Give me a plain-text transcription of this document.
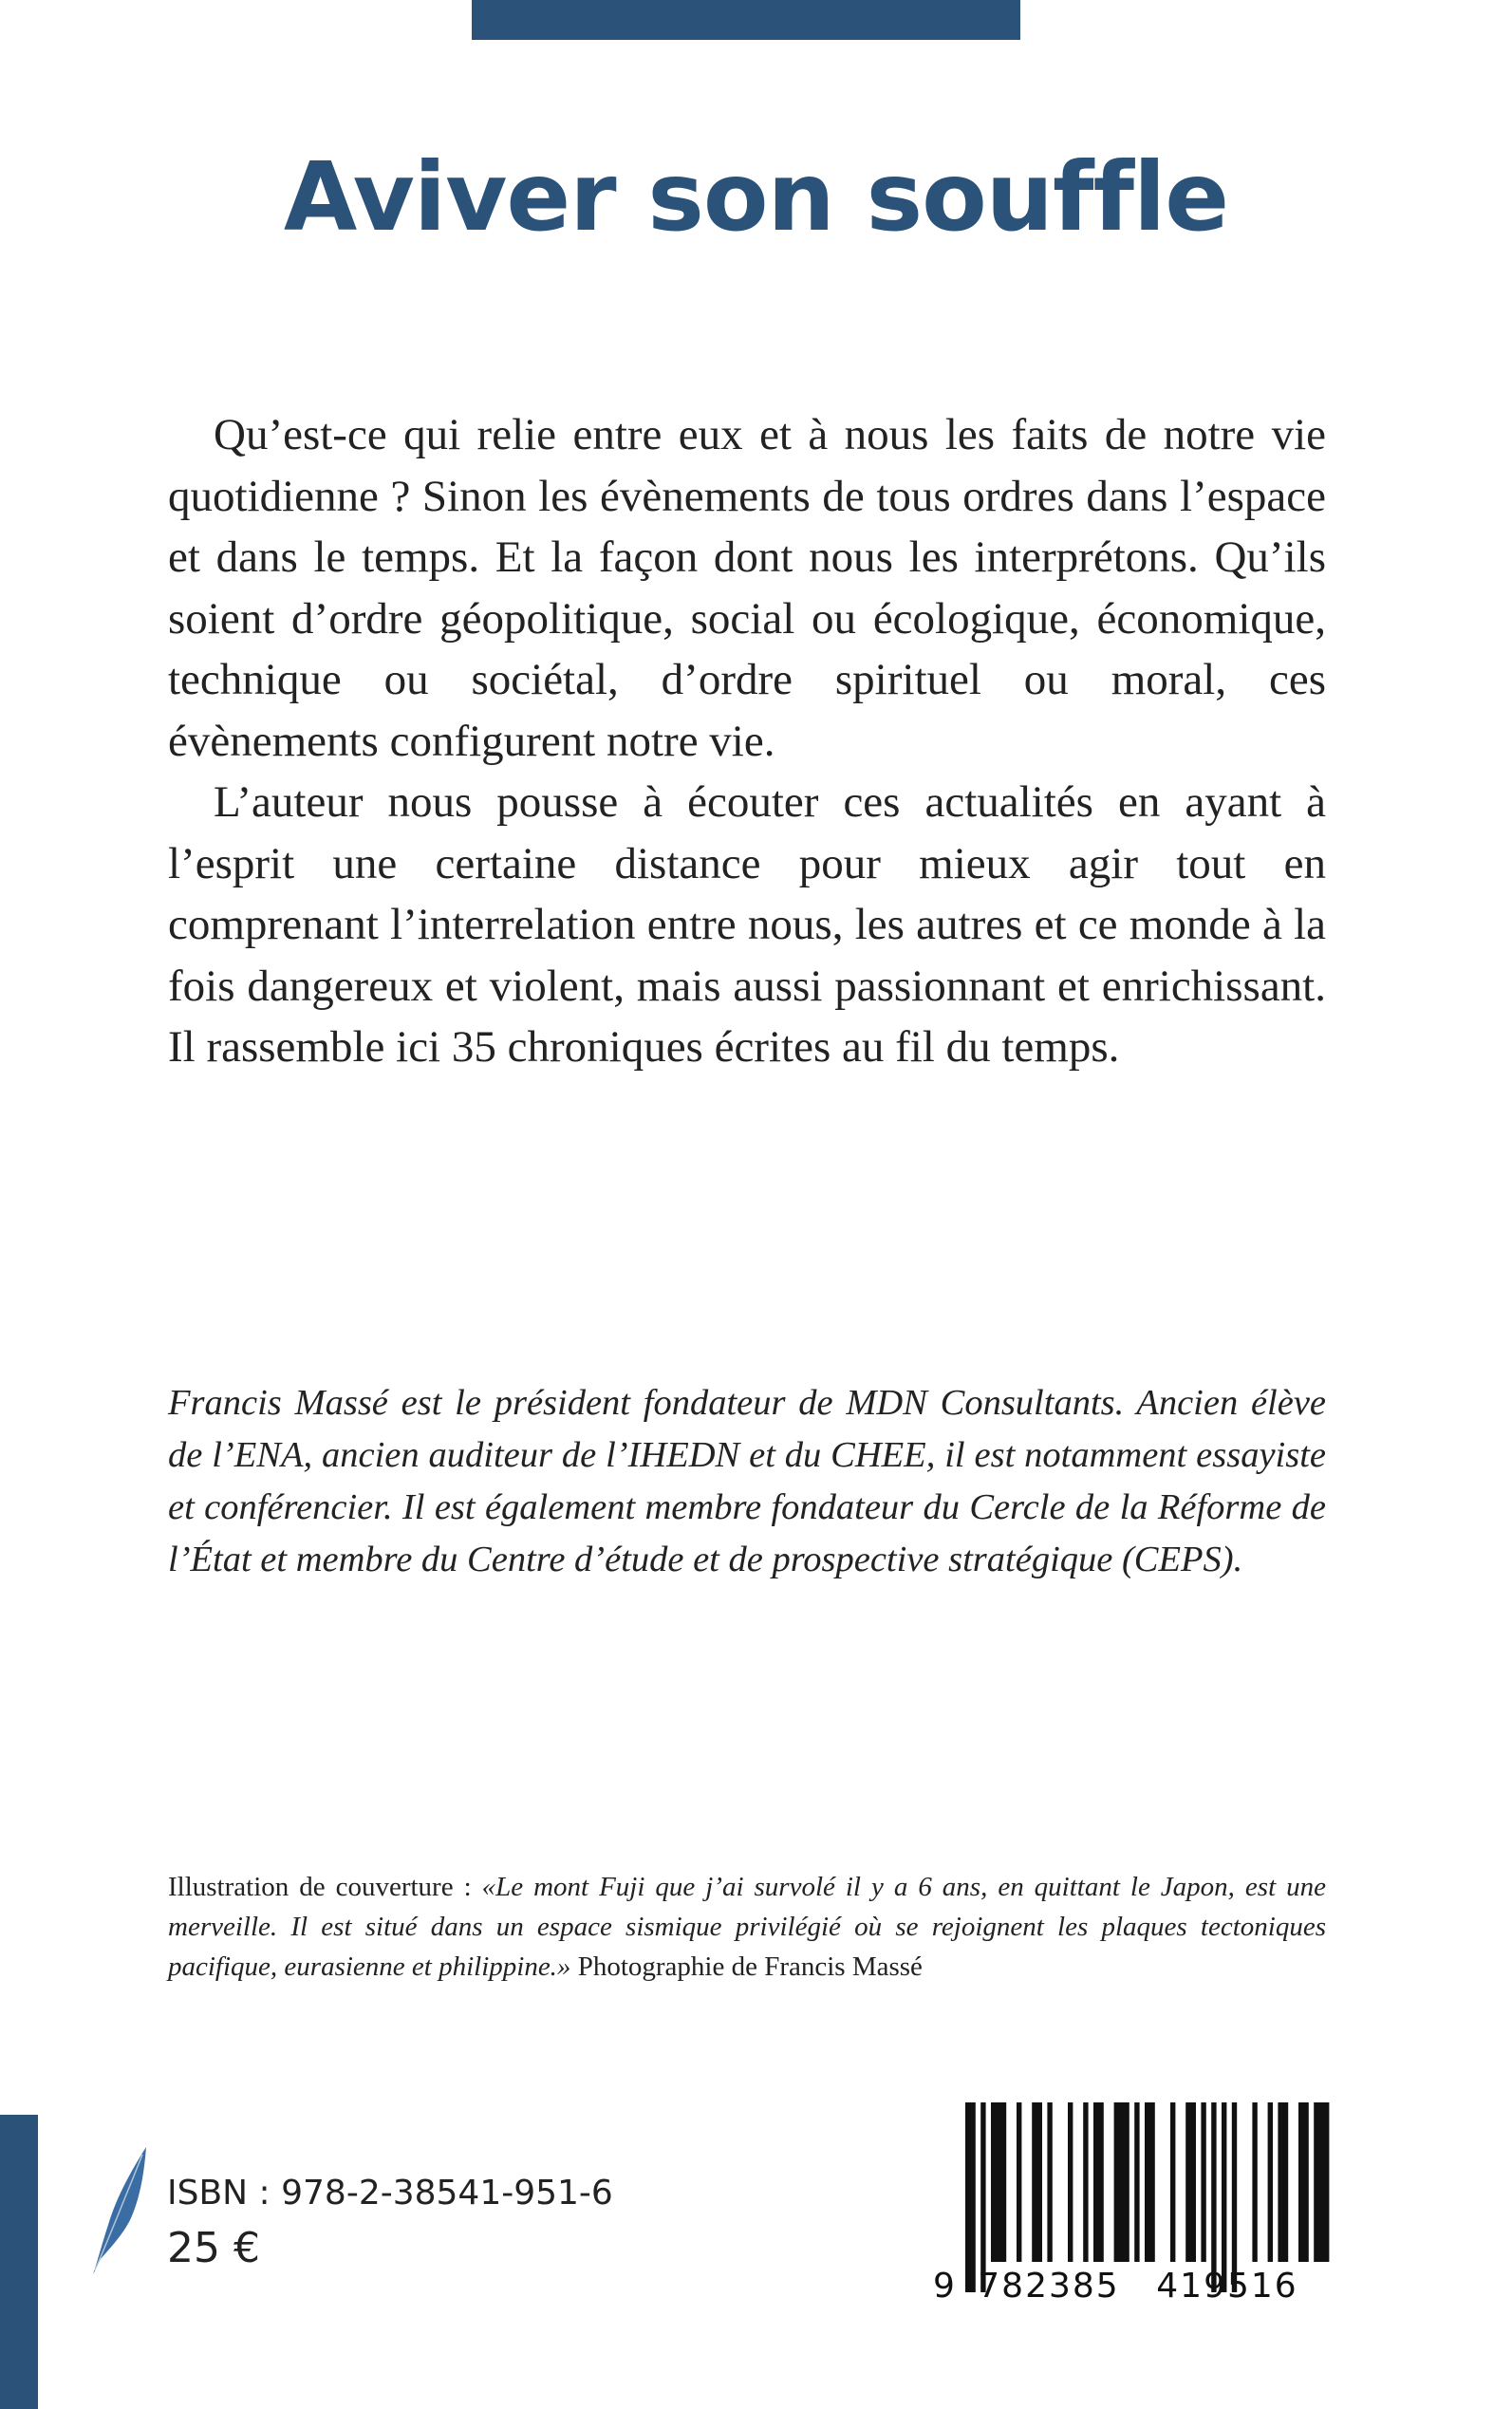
Aviver son souffle

Qu’est-ce qui relie entre eux et à nous les faits de notre vie quotidienne ? Sinon les évènements de tous ordres dans l’espace et dans le temps. Et la façon dont nous les interprétons. Qu’ils soient d’ordre géopolitique, social ou écologique, économique, technique ou sociétal, d’ordre spirituel ou moral, ces évènements configurent notre vie.

L’auteur nous pousse à écouter ces actualités en ayant à l’esprit une certaine distance pour mieux agir tout en comprenant l’interrelation entre nous, les autres et ce monde à la fois dangereux et violent, mais aussi passionnant et enrichissant. Il rassemble ici 35 chroniques écrites au fil du temps.

Francis Massé est le président fondateur de MDN Consultants. Ancien élève de l’ENA, ancien auditeur de l’IHEDN et du CHEE, il est notamment essayiste et conférencier. Il est également membre fondateur du Cercle de la Réforme de l’État et membre du Centre d’étude et de prospective stratégique (CEPS).

Illustration de couverture : «Le mont Fuji que j’ai survolé il y a 6 ans, en quittant le Japon, est une merveille. Il est situé dans un espace sismique privilégié où se rejoignent les plaques tectoniques pacifique, eurasienne et philippine.» Photographie de Francis Massé

ISBN : 978-2-38541-951-6
25 €
9 782385 419516
